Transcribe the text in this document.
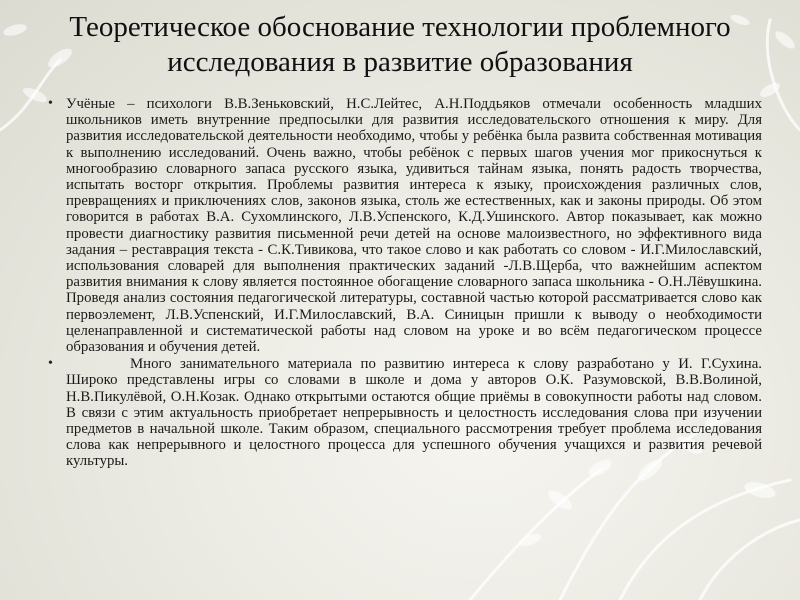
Теоретическое обоснование технологии проблемного исследования в развитие образования
• Учёные – психологи В.В.Зеньковский, Н.С.Лейтес, А.Н.Поддьяков отмечали особенность младших школьников иметь внутренние предпосылки для развития исследовательского отношения к миру. Для развития исследовательской деятельности необходимо, чтобы у ребёнка была развита собственная мотивация к выполнению исследований. Очень важно, чтобы ребёнок с первых шагов учения мог прикоснуться к многообразию словарного запаса русского языка, удивиться тайнам языка, понять радость творчества, испытать восторг открытия. Проблемы развития интереса к языку, происхождения различных слов, превращениях и приключениях слов, законов языка, столь же естественных, как и законы природы. Об этом говорится в работах В.А. Сухомлинского, Л.В.Успенского, К.Д.Ушинского. Автор показывает, как можно провести диагностику развития письменной речи детей на основе малоизвестного, но эффективного вида задания – реставрация текста - С.К.Тивикова, что такое слово и как работать со словом - И.Г.Милославский, использования словарей для выполнения практических заданий -Л.В.Щерба, что важнейшим аспектом развития внимания к слову является постоянное обогащение словарного запаса школьника - О.Н.Лёвушкина. Проведя анализ состояния педагогической литературы, составной частью которой рассматривается слово как первоэлемент, Л.В.Успенский, И.Г.Милославский, В.А. Синицын пришли к выводу о необходимости целенаправленной и систематической работы над словом на уроке и во всём педагогическом процессе образования и обучения детей.
•	Много занимательного материала по развитию интереса к слову разработано у И. Г.Сухина. Широко представлены игры со словами в школе и дома у авторов О.К. Разумовской, В.В.Волиной, Н.В.Пикулёвой, О.Н.Козак. Однако открытыми остаются общие приёмы в совокупности работы над словом. В связи с этим актуальность приобретает непрерывность и целостность исследования слова при изучении предметов в начальной школе. Таким образом, специального рассмотрения требует проблема исследования слова как непрерывного и целостного процесса для успешного обучения учащихся и развития речевой культуры.
